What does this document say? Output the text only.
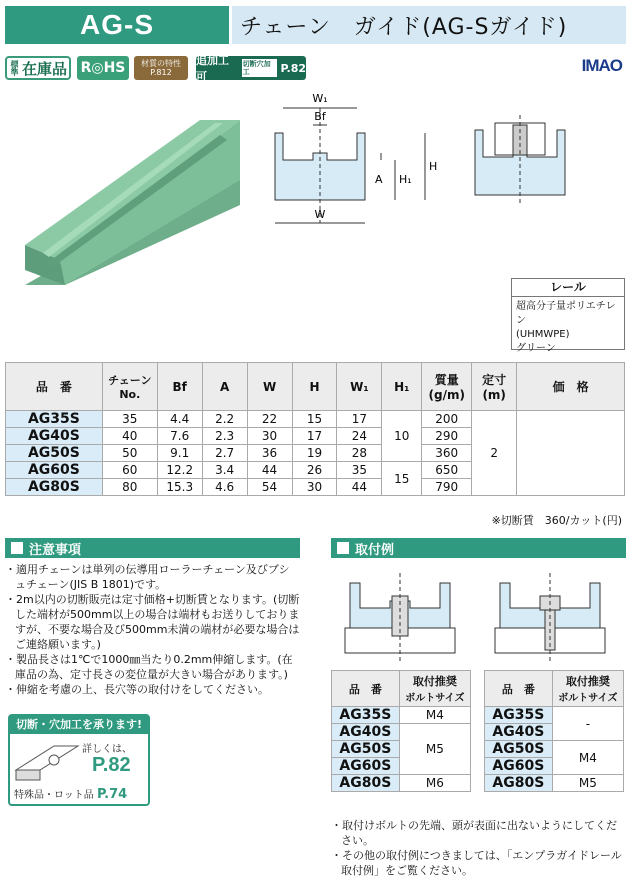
AG-S	チェーン　ガイド(AG-Sガイド)
標準 在庫品 R◎HS	材質の特性
P.812
追加工可
切断穴加工	P.82	IMAO
W₁
Bf
A H₁
H
W
レール
超高分子量ポリエチレン
(UHMWPE)
グリーン
品　番	チェーン
No.	Bf	A	W	H	W₁	H₁	質量
(g/m)	定寸
(m)	価　格
AG35S	35	4.4	2.2	22	15	17	10	200	2	
AG40S	40	7.6	2.3	30	17	24		290		
AG50S	50	9.1	2.7	36	19	28		360		
AG60S	60	12.2	3.4	44	26	35	15	650		
AG80S	80	15.3	4.6	54	30	44		790		
※切断賃　360/カット(円)
注意事項

・適用チェーンは単列の伝導用ローラーチェーン及びブシュチェーン(JIS B 1801)です。

・2m以内の切断販売は定寸価格+切断賃となります。(切断した端材が500mm以上の場合は端材もお送りしておりますが、不要な場合及び500mm未満の端材が必要な場合はご連絡願います。)

・製品長さは1℃で1000㎜当たり0.2mm伸縮します。(在庫品の為、定寸長さの変位量が大きい場合があります。)

・伸縮を考慮の上、長穴等の取付けをしてください。

切断・穴加工を承ります!
詳しくは、
P.82
特殊品・ロット品 P.74
取付例
品　番	取付推奨
ボルトサイズ

AG35S	M4
AG40S	M5
AG50S	
AG60S	
AG80S	M6
品　番	取付推奨
ボルトサイズ

AG35S	-
AG40S	
AG50S	M4
AG60S	
AG80S	M5

・取付けボルトの先端、頭が表面に出ないようにしてください。

・その他の取付例につきましては、「エンプラガイドレール取付例」をご覧ください。
